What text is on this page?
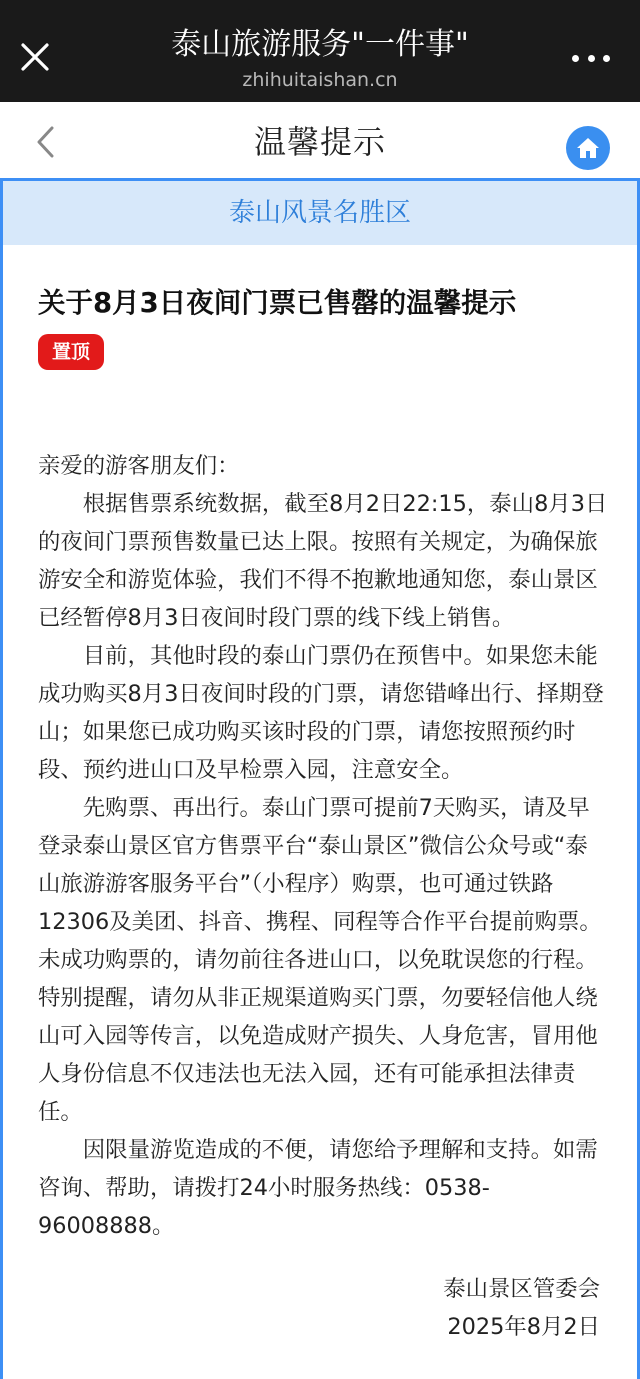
泰山旅游服务"一件事"
zhihuitaishan.cn
温馨提示
泰山风景名胜区
关于8月3日夜间门票已售罄的温馨提示
置顶

亲爱的游客朋友们：

根据售票系统数据，截至8月2日22:15，泰山8月3日的夜间门票预售数量已达上限。按照有关规定，为确保旅游安全和游览体验，我们不得不抱歉地通知您，泰山景区已经暂停8月3日夜间时段门票的线下线上销售。

目前，其他时段的泰山门票仍在预售中。如果您未能成功购买8月3日夜间时段的门票，请您错峰出行、择期登山；如果您已成功购买该时段的门票，请您按照预约时段、预约进山口及早检票入园，注意安全。

先购票、再出行。泰山门票可提前7天购买，请及早登录泰山景区官方售票平台“泰山景区”微信公众号或“泰山旅游游客服务平台”（小程序）购票，也可通过铁路12306及美团、抖音、携程、同程等合作平台提前购票。未成功购票的，请勿前往各进山口，以免耽误您的行程。特别提醒，请勿从非正规渠道购买门票，勿要轻信他人绕山可入园等传言，以免造成财产损失、人身危害，冒用他人身份信息不仅违法也无法入园，还有可能承担法律责任。

因限量游览造成的不便，请您给予理解和支持。如需咨询、帮助，请拨打24小时服务热线：0538-96008888。

泰山景区管委会
2025年8月2日
